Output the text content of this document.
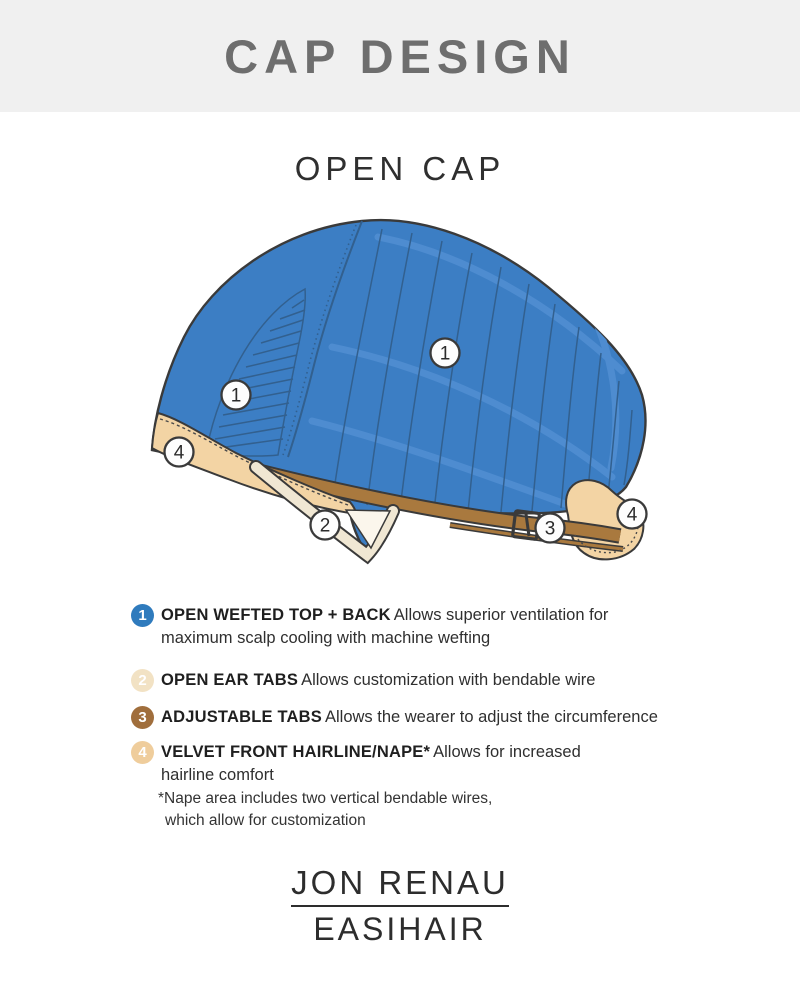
CAP DESIGN
OPEN CAP
1
1
2	3
4
4
1 OPEN WEFTED TOP + BACK Allows superior ventilation for
maximum scalp cooling with machine wefting
2 OPEN EAR TABS Allows customization with bendable wire
3 ADJUSTABLE TABS Allows the wearer to adjust the circumference
4 VELVET FRONT HAIRLINE/NAPE* Allows for increased
hairline comfort
*Nape area includes two vertical bendable wires,
which allow for customization
JON RENAU
EASIHAIR
